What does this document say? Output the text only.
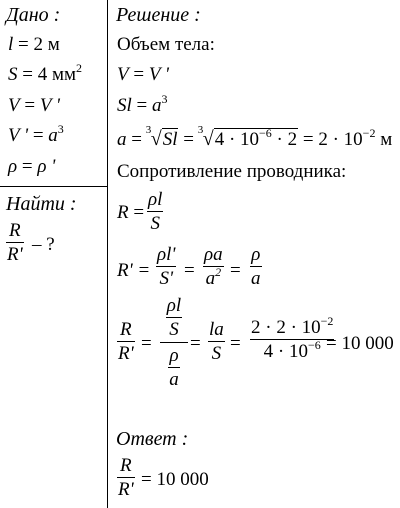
Дано :
l = 2 м
S = 4 $мм^2$
V = V '
V ' = $a^3$
ρ = ρ '
Найти :
$\frac{R}{R'}$ – ?
Решение :
Объем тела:
V = V '
$Sl = a^3$
a = 3 √Sl = 3 $√4 \cdot 10^{-6} \cdot 2 = 2 \cdot 10^{-2}$ м
Сопротивление проводника:
$R = \frac{\rho l}{S}$
$R' = \frac{\rho l'}{S'} = \frac{\rho a}{a^2} = \frac{\rho}{a}$
$\frac{R}{R'}$ =
$\frac{\rho l}{S}$
$\frac{\rho}{a}$
= $\frac{la}{S} = \frac{2 \cdot 2 \cdot 10^{-2}}{4 \cdot 10^{-6}}$
= 10 000
Ответ :
$\frac{R}{R'} = 10$ 000
